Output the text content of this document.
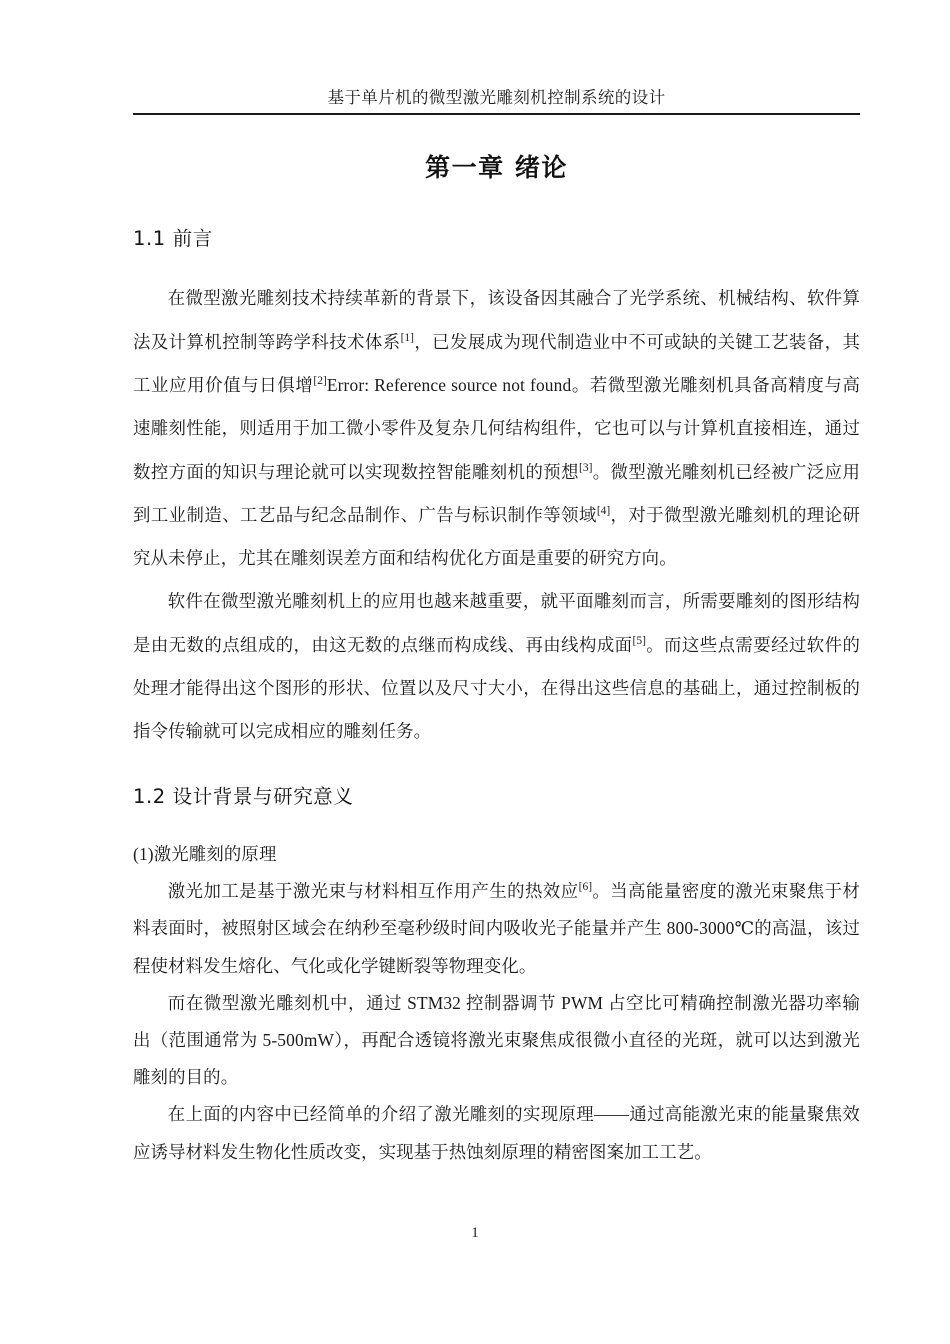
基于单片机的微型激光雕刻机控制系统的设计
第一章 绪论
1.1 前言

在微型激光雕刻技术持续革新的背景下，该设备因其融合了光学系统、机械结构、软件算法及计算机控制等跨学科技术体系[1]，已发展成为现代制造业中不可或缺的关键工艺装备，其工业应用价值与日俱增[2]Error: Reference source not found。若微型激光雕刻机具备高精度与高速雕刻性能，则适用于加工微小零件及复杂几何结构组件，它也可以与计算机直接相连，通过数控方面的知识与理论就可以实现数控智能雕刻机的预想[3]。微型激光雕刻机已经被广泛应用到工业制造、工艺品与纪念品制作、广告与标识制作等领域[4]，对于微型激光雕刻机的理论研究从未停止，尤其在雕刻误差方面和结构优化方面是重要的研究方向。

软件在微型激光雕刻机上的应用也越来越重要，就平面雕刻而言，所需要雕刻的图形结构是由无数的点组成的，由这无数的点继而构成线、再由线构成面[5]。而这些点需要经过软件的处理才能得出这个图形的形状、位置以及尺寸大小，在得出这些信息的基础上，通过控制板的指令传输就可以完成相应的雕刻任务。

1.2 设计背景与研究意义

(1)激光雕刻的原理

激光加工是基于激光束与材料相互作用产生的热效应[6]。当高能量密度的激光束聚焦于材料表面时，被照射区域会在纳秒至毫秒级时间内吸收光子能量并产生 800-3000℃的高温，该过程使材料发生熔化、气化或化学键断裂等物理变化。

而在微型激光雕刻机中，通过 STM32 控制器调节 PWM 占空比可精确控制激光器功率输出（范围通常为 5-500mW），再配合透镜将激光束聚焦成很微小直径的光斑，就可以达到激光雕刻的目的。

在上面的内容中已经简单的介绍了激光雕刻的实现原理——通过高能激光束的能量聚焦效应诱导材料发生物化性质改变，实现基于热蚀刻原理的精密图案加工工艺。

1
